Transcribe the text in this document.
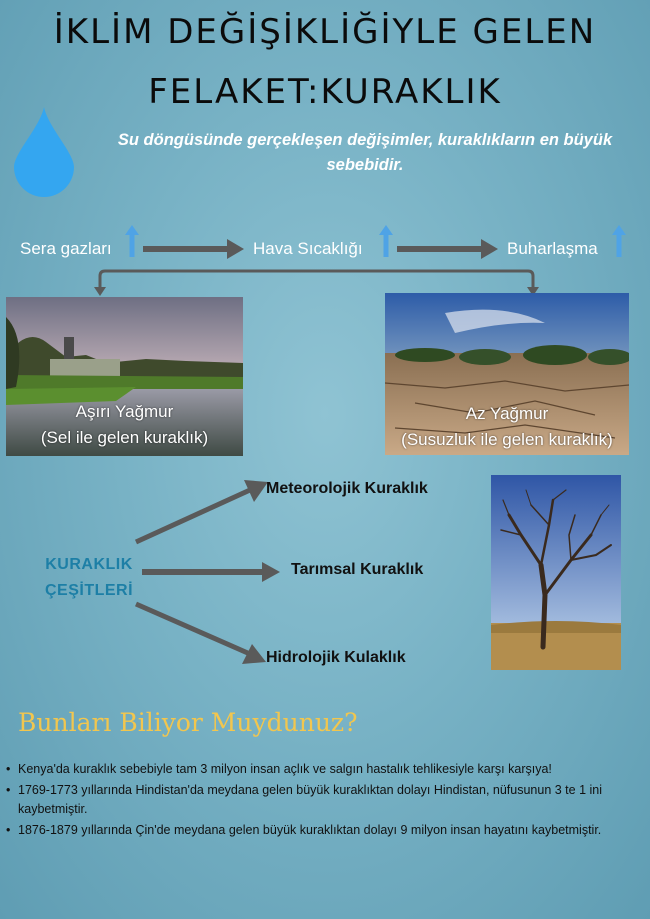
İKLİM DEĞİŞİKLİĞİYLE GELEN
FELAKET:KURAKLIK
Su döngüsünde gerçekleşen değişimler, kuraklıkların en büyük sebebidir.
Sera gazları	Hava Sıcaklığı	Buharlaşma
Aşırı Yağmur
(Sel ile gelen kuraklık)
Az Yağmur
(Susuzluk ile gelen kuraklık)
KURAKLIK
ÇEŞİTLERİ
Meteorolojik Kuraklık
Tarımsal Kuraklık
Hidrolojik Kulaklık
Bunları Biliyor Muydunuz?
• Kenya'da kuraklık sebebiyle tam 3 milyon insan açlık ve salgın hastalık tehlikesiyle karşı karşıya!
• 1769-1773 yıllarında Hindistan'da meydana gelen büyük kuraklıktan dolayı Hindistan, nüfusunun 3 te 1 ini kaybetmiştir.
• 1876-1879 yıllarında Çin'de meydana gelen büyük kuraklıktan dolayı 9 milyon insan hayatını kaybetmiştir.
